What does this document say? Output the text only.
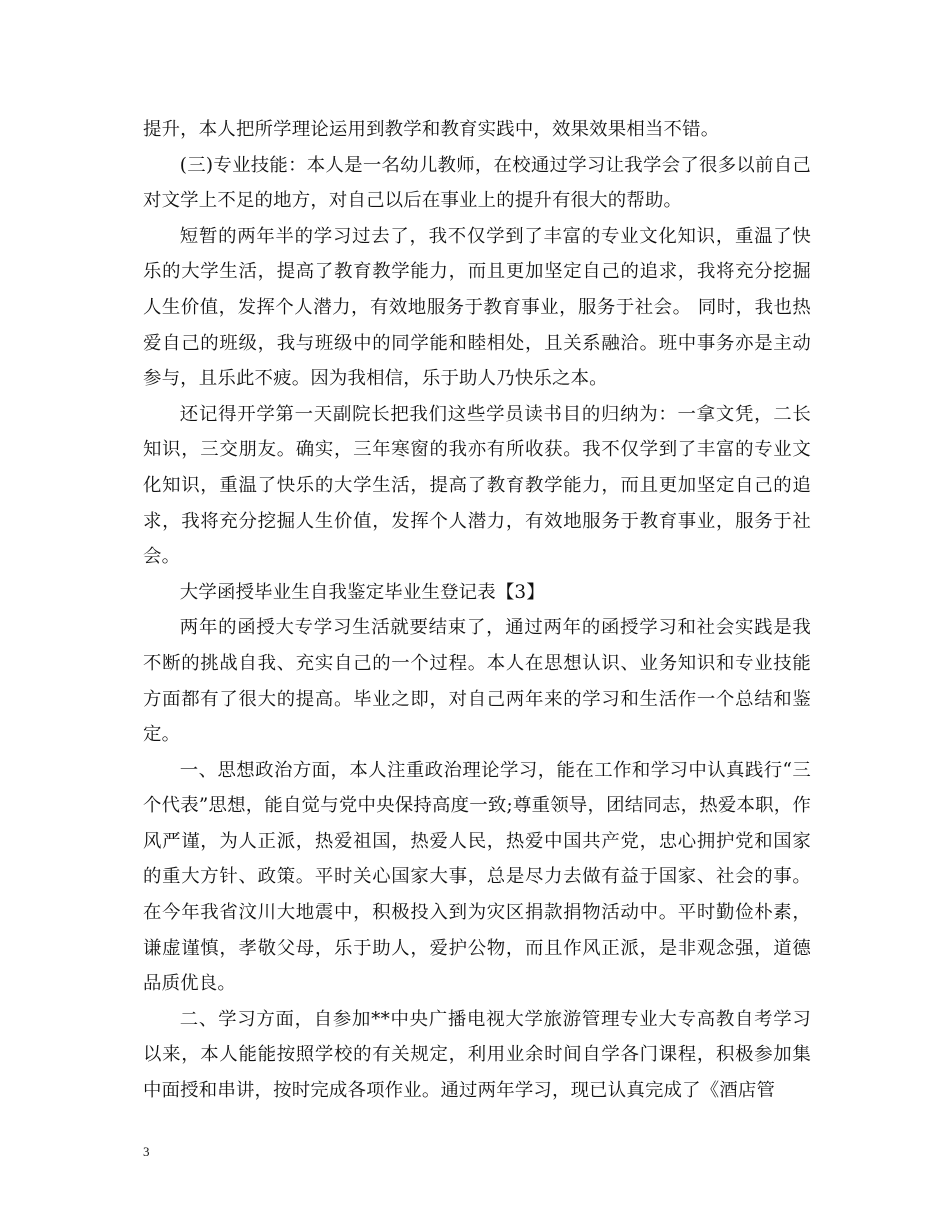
提升，本人把所学理论运用到教学和教育实践中，效果效果相当不错。

(三)专业技能：本人是一名幼儿教师，在校通过学习让我学会了很多以前自己对文学上不足的地方，对自己以后在事业上的提升有很大的帮助。

短暂的两年半的学习过去了，我不仅学到了丰富的专业文化知识，重温了快乐的大学生活，提高了教育教学能力，而且更加坚定自己的追求，我将充分挖掘人生价值，发挥个人潜力，有效地服务于教育事业，服务于社会。 同时，我也热爱自己的班级，我与班级中的同学能和睦相处，且关系融洽。班中事务亦是主动参与，且乐此不疲。因为我相信，乐于助人乃快乐之本。

还记得开学第一天副院长把我们这些学员读书目的归纳为：一拿文凭，二长知识，三交朋友。确实，三年寒窗的我亦有所收获。我不仅学到了丰富的专业文化知识，重温了快乐的大学生活，提高了教育教学能力，而且更加坚定自己的追求，我将充分挖掘人生价值，发挥个人潜力，有效地服务于教育事业，服务于社会。

大学函授毕业生自我鉴定毕业生登记表【3】

两年的函授大专学习生活就要结束了，通过两年的函授学习和社会实践是我不断的挑战自我、充实自己的一个过程。本人在思想认识、业务知识和专业技能方面都有了很大的提高。毕业之即，对自己两年来的学习和生活作一个总结和鉴定。

一、思想政治方面，本人注重政治理论学习，能在工作和学习中认真践行“三个代表”思想，能自觉与党中央保持高度一致;尊重领导，团结同志，热爱本职，作风严谨，为人正派，热爱祖国，热爱人民，热爱中国共产党，忠心拥护党和国家的重大方针、政策。平时关心国家大事，总是尽力去做有益于国家、社会的事。在今年我省汶川大地震中，积极投入到为灾区捐款捐物活动中。平时勤俭朴素，谦虚谨慎，孝敬父母，乐于助人，爱护公物，而且作风正派，是非观念强，道德品质优良。

二、学习方面，自参加**中央广播电视大学旅游管理专业大专高教自考学习以来，本人能能按照学校的有关规定，利用业余时间自学各门课程，积极参加集中面授和串讲，按时完成各项作业。通过两年学习，现已认真完成了《酒店管

3
